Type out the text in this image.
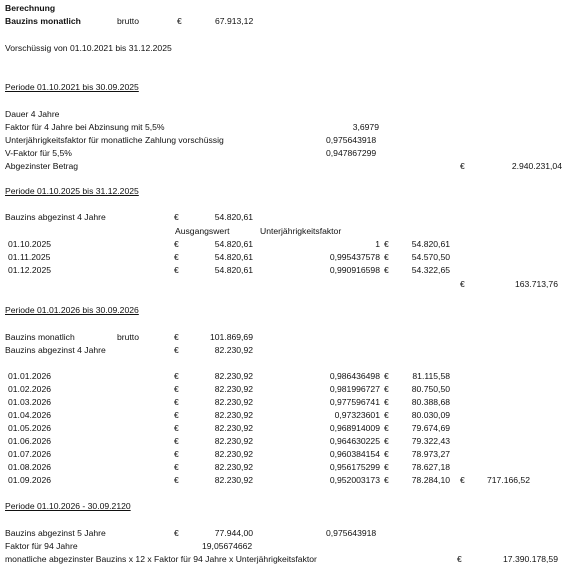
Berechnung
Bauzins monatlich	brutto	€	67.913,12
Vorschüssig von 01.10.2021 bis 31.12.2025
Periode 01.10.2021 bis 30.09.2025
Dauer 4 Jahre
Faktor für 4 Jahre bei Abzinsung mit 5,5%	3,6979
Unterjährigkeitsfaktor für monatliche Zahlung vorschüssig	0,975643918
V-Faktor für 5,5%	0,947867299
Abgezinster Betrag	€	2.940.231,04
Periode 01.10.2025 bis 31.12.2025
Bauzins abgezinst 4 Jahre	€	54.820,61
Ausgangswert	Unterjährigkeitsfaktor
01.10.2025	€	54.820,61	1 €	54.820,61
01.11.2025	€	54.820,61	0,995437578 €	54.570,50
01.12.2025	€	54.820,61	0,990916598 €	54.322,65
€	163.713,76
Periode 01.01.2026 bis 30.09.2026
Bauzins monatlich	brutto	€	101.869,69
Bauzins abgezinst 4 Jahre	€	82.230,92
01.01.2026	€	82.230,92	0,986436498 €	81.115,58
01.02.2026	€	82.230,92	0,981996727 €	80.750,50
01.03.2026	€	82.230,92	0,977596741 €	80.388,68
01.04.2026	€	82.230,92	0,97323601 €	80.030,09
01.05.2026	€	82.230,92	0,968914009 €	79.674,69
01.06.2026	€	82.230,92	0,964630225 €	79.322,43
01.07.2026	€	82.230,92	0,960384154 €	78.973,27
01.08.2026	€	82.230,92	0,956175299 €	78.627,18
01.09.2026	€	82.230,92	0,952003173 €	78.284,10 €	717.166,52
Periode 01.10.2026 - 30.09.2120
Bauzins abgezinst 5 Jahre	€	77.944,00	0,975643918
Faktor für 94 Jahre	19,05674662
monatliche abgezinster Bauzins x 12 x Faktor für 94 Jahre x Unterjährigkeitsfaktor	€	17.390.178,59
